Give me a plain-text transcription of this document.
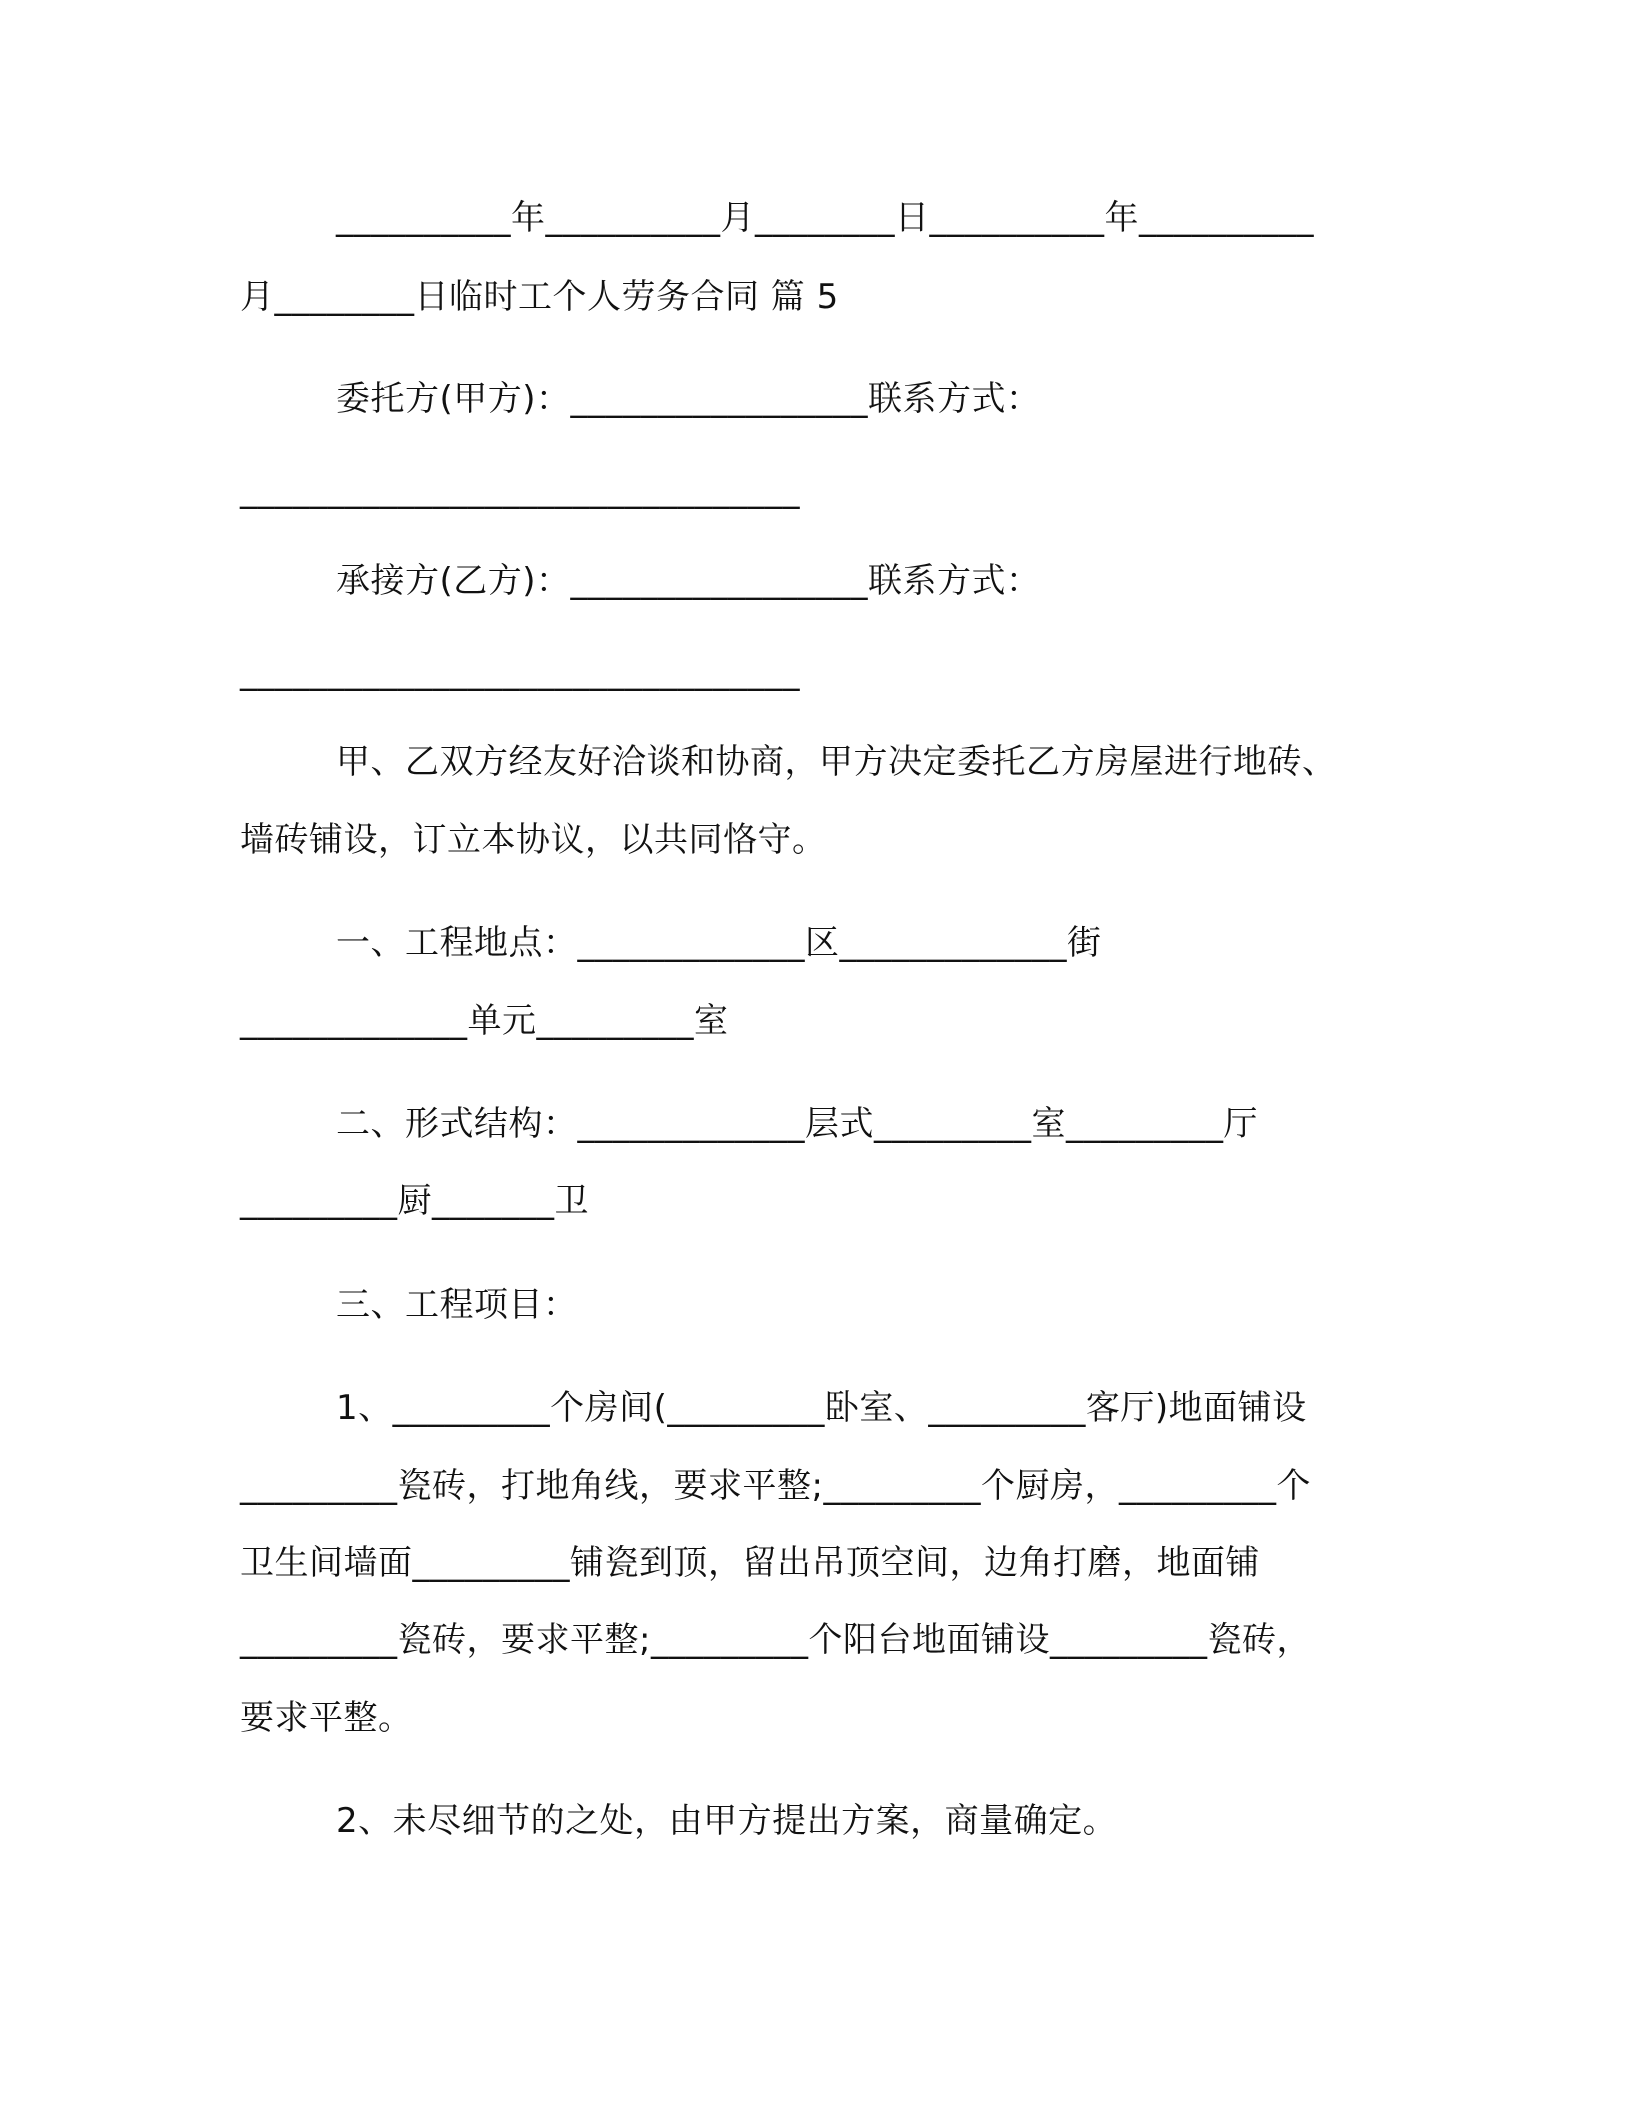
__________年__________月________日__________年__________
月________日临时工个人劳务合同 篇 5
委托方(甲方)：_________________联系方式：
________________________________
承接方(乙方)：_________________联系方式：
________________________________
甲、乙双方经友好洽谈和协商，甲方决定委托乙方房屋进行地砖、
墙砖铺设，订立本协议，以共同恪守。
一、工程地点：_____________区_____________街
_____________单元_________室
二、形式结构：_____________层式_________室_________厅
_________厨_______卫
三、工程项目：
1、_________个房间(_________卧室、_________客厅)地面铺设
_________瓷砖，打地角线，要求平整;_________个厨房，_________个
卫生间墙面_________铺瓷到顶，留出吊顶空间，边角打磨，地面铺
_________瓷砖，要求平整;_________个阳台地面铺设_________瓷砖，
要求平整。
2、未尽细节的之处，由甲方提出方案，商量确定。
